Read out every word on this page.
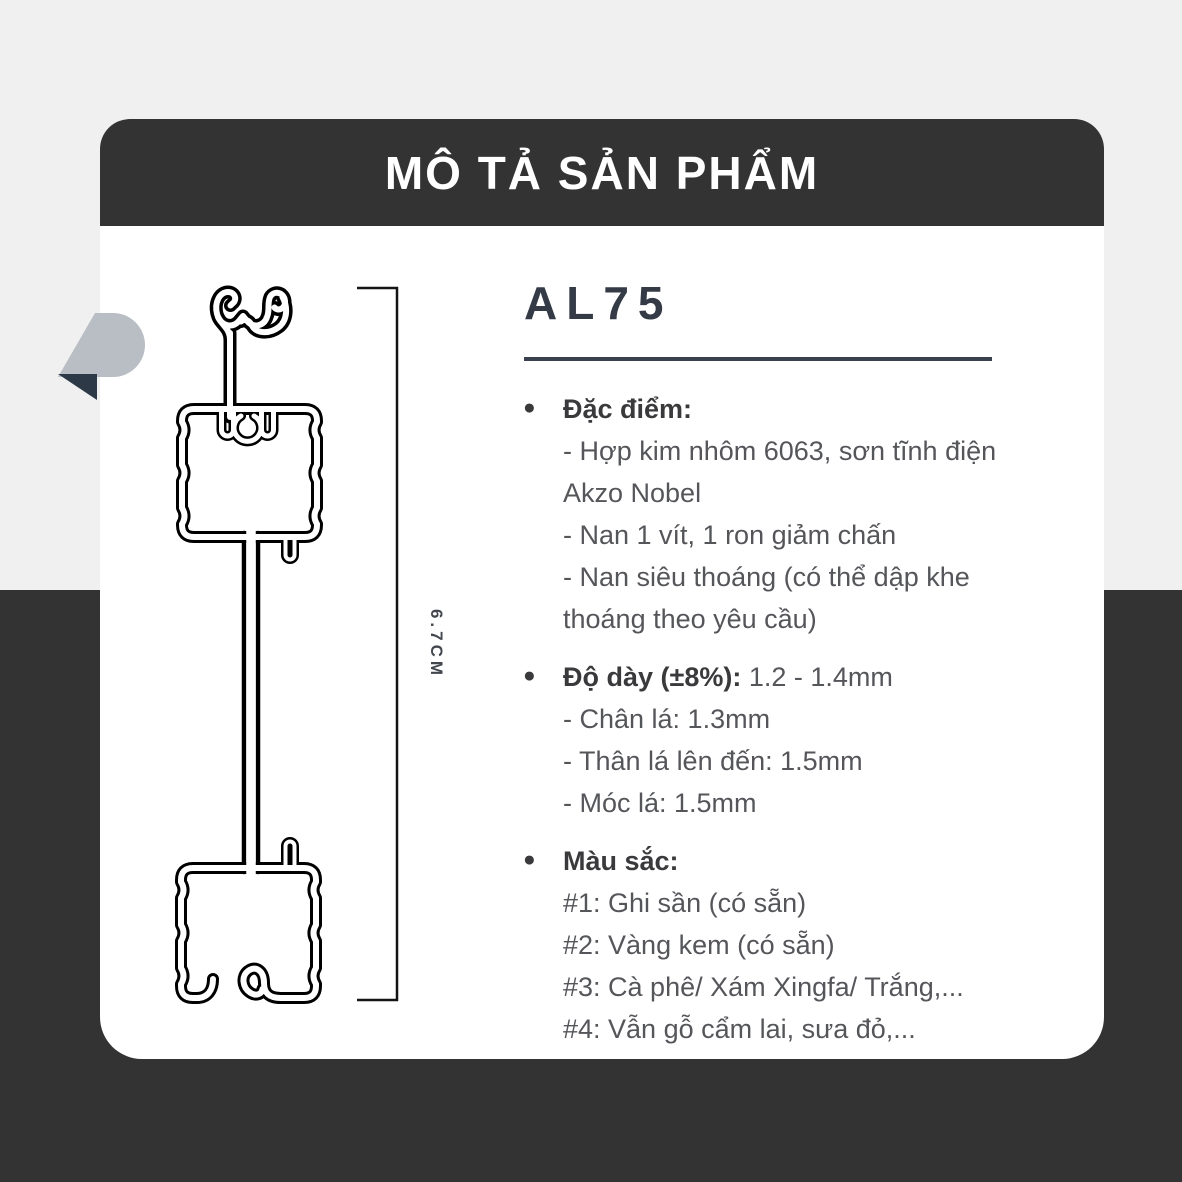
MÔ TẢ SẢN PHẨM
6.7CM
AL75
● Đặc điểm:
- Hợp kim nhôm 6063, sơn tĩnh điện Akzo Nobel
- Nan 1 vít, 1 ron giảm chấn
- Nan siêu thoáng (có thể dập khe thoáng theo yêu cầu)
● Độ dày (±8%): 1.2 - 1.4mm
- Chân lá: 1.3mm
- Thân lá lên đến: 1.5mm
- Móc lá: 1.5mm
● Màu sắc:
#1: Ghi sần (có sẵn)
#2: Vàng kem (có sẵn)
#3: Cà phê/ Xám Xingfa/ Trắng,...
#4: Vẫn gỗ cẩm lai, sưa đỏ,...
